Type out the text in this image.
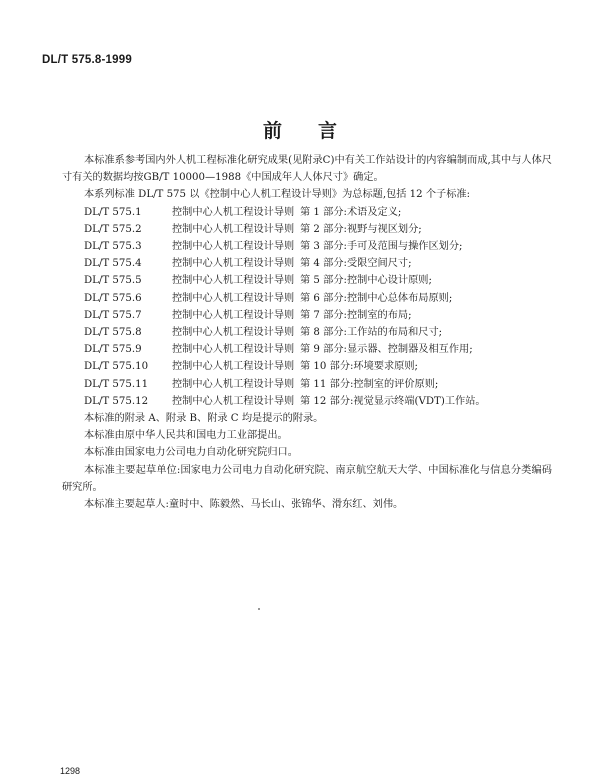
DL/T 575.8-1999
前言

本标准系参考国内外人机工程标准化研究成果(见附录C)中有关工作站设计的内容编制而成,其中与人体尺寸有关的数据均按GB/T 10000—1988《中国成年人人体尺寸》确定。

本系列标准 DL/T 575 以《控制中心人机工程设计导则》为总标题,包括 12 个子标准:

DL/T 575.1	控制中心人机工程设计导则 第 1 部分:术语及定义;
DL/T 575.2	控制中心人机工程设计导则 第 2 部分:视野与视区划分;
DL/T 575.3	控制中心人机工程设计导则 第 3 部分:手可及范围与操作区划分;
DL/T 575.4	控制中心人机工程设计导则 第 4 部分:受限空间尺寸;
DL/T 575.5	控制中心人机工程设计导则 第 5 部分:控制中心设计原则;
DL/T 575.6	控制中心人机工程设计导则 第 6 部分:控制中心总体布局原则;
DL/T 575.7	控制中心人机工程设计导则 第 7 部分:控制室的布局;
DL/T 575.8	控制中心人机工程设计导则 第 8 部分:工作站的布局和尺寸;
DL/T 575.9	控制中心人机工程设计导则 第 9 部分:显示器、控制器及相互作用;
DL/T 575.10	控制中心人机工程设计导则 第 10 部分:环境要求原则;
DL/T 575.11	控制中心人机工程设计导则 第 11 部分:控制室的评价原则;
DL/T 575.12	控制中心人机工程设计导则 第 12 部分:视觉显示终端(VDT)工作站。

本标准的附录 A、附录 B、附录 C 均是提示的附录。

本标准由原中华人民共和国电力工业部提出。

本标准由国家电力公司电力自动化研究院归口。

本标准主要起草单位:国家电力公司电力自动化研究院、南京航空航天大学、中国标准化与信息分类编码研究所。

本标准主要起草人:童时中、陈毅然、马长山、张锦华、滑东红、刘伟。

1298
